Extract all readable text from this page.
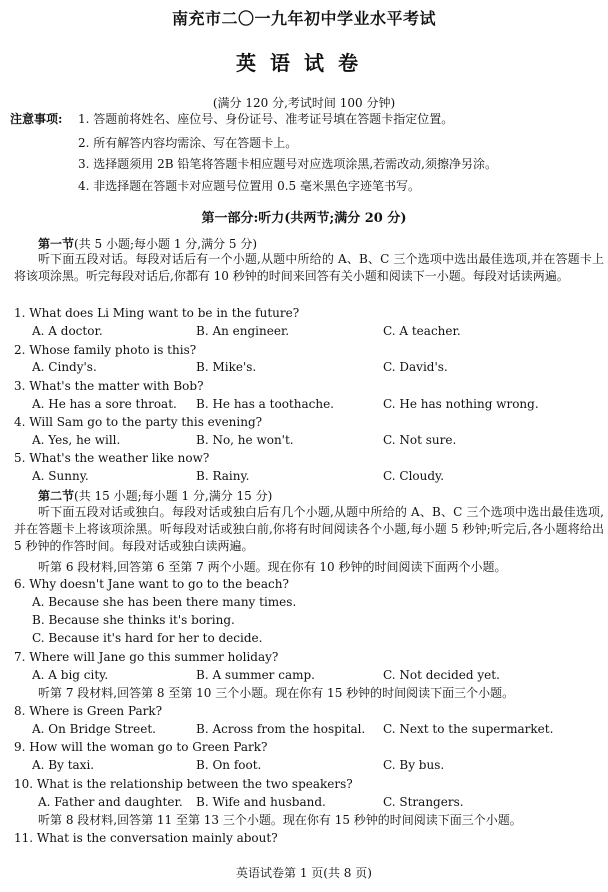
南充市二〇一九年初中学业水平考试
英语试卷
(满分 120 分,考试时间 100 分钟)
注意事项:	1. 答题前将姓名、座位号、身份证号、准考证号填在答题卡指定位置。
2. 所有解答内容均需涂、写在答题卡上。
3. 选择题须用 2B 铅笔将答题卡相应题号对应选项涂黑,若需改动,须擦净另涂。
4. 非选择题在答题卡对应题号位置用 0.5 毫米黑色字迹笔书写。
第一部分:听力(共两节;满分 20 分)
第一节(共 5 小题;每小题 1 分,满分 5 分)
听下面五段对话。每段对话后有一个小题,从题中所给的 A、B、C 三个选项中选出最佳选项,并在答题卡上将该项涂黑。听完每段对话后,你都有 10 秒钟的时间来回答有关小题和阅读下一小题。每段对话读两遍。
1. What does Li Ming want to be in the future?
A. A doctor.	B. An engineer.	C. A teacher.
2. Whose family photo is this?
A. Cindy's.	B. Mike's.	C. David's.
3. What's the matter with Bob?
A. He has a sore throat. B. He has a toothache.	C. He has nothing wrong.
4. Will Sam go to the party this evening?
A. Yes, he will.	B. No, he won't.	C. Not sure.
5. What's the weather like now?
A. Sunny.	B. Rainy.	C. Cloudy.
第二节(共 15 小题;每小题 1 分,满分 15 分)
听下面五段对话或独白。每段对话或独白后有几个小题,从题中所给的 A、B、C 三个选项中选出最佳选项,并在答题卡上将该项涂黑。听每段对话或独白前,你将有时间阅读各个小题,每小题 5 秒钟;听完后,各小题将给出 5 秒钟的作答时间。每段对话或独白读两遍。
听第 6 段材料,回答第 6 至第 7 两个小题。现在你有 10 秒钟的时间阅读下面两个小题。
6. Why doesn't Jane want to go to the beach?
A. Because she has been there many times.
B. Because she thinks it's boring.
C. Because it's hard for her to decide.
7. Where will Jane go this summer holiday?
A. A big city.	B. A summer camp.	C. Not decided yet.
听第 7 段材料,回答第 8 至第 10 三个小题。现在你有 15 秒钟的时间阅读下面三个小题。
8. Where is Green Park?
A. On Bridge Street.	B. Across from the hospital. C. Next to the supermarket.
9. How will the woman go to Green Park?
A. By taxi.	B. On foot.	C. By bus.
10. What is the relationship between the two speakers?
A. Father and daughter. B. Wife and husband.	C. Strangers.
听第 8 段材料,回答第 11 至第 13 三个小题。现在你有 15 秒钟的时间阅读下面三个小题。
11. What is the conversation mainly about?
英语试卷第 1 页(共 8 页)
